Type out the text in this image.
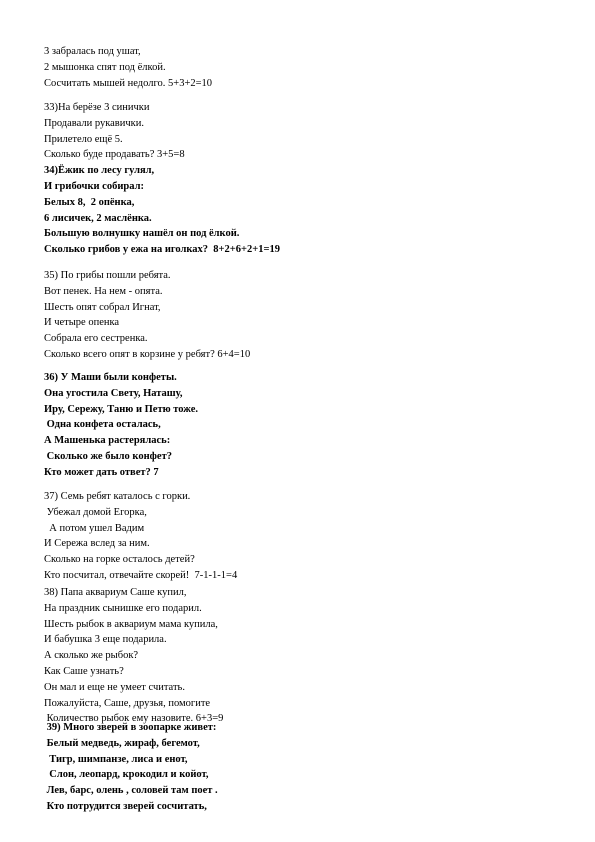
3 забралась под ушат,
2 мышонка спят под ёлкой.
Сосчитать мышей недолго. 5+3+2=10
33)На берёзе 3 синички
Продавали рукавички.
Прилетело ещё 5.
Сколько буде продавать? 3+5=8
34)Ёжик по лесу гулял,
И грибочки собирал:
Белых 8,  2 опёнка,
6 лисичек, 2 маслёнка.
Большую волнушку нашёл он под ёлкой.
Сколько грибов у ежа на иголках?  8+2+6+2+1=19
35) По грибы пошли ребята.
Вот пенек. На нем - опята.
Шесть опят собрал Игнат,
И четыре опенка
Собрала его сестренка.
Сколько всего опят в корзине у ребят? 6+4=10
36) У Маши были конфеты.
Она угостила Свету, Наташу,
Иру, Сережу, Таню и Петю тоже.
Одна конфета осталась,
А Машенька растерялась:
Сколько же было конфет?
Кто может дать ответ? 7
37) Семь ребят каталось с горки.
Убежал домой Егорка,
А потом ушел Вадим
И Сережа вслед за ним.
Сколько на горке осталось детей?
Кто посчитал, отвечайте скорей!  7-1-1-1=4
38) Папа аквариум Саше купил,
На праздник сынишке его подарил.
Шесть рыбок в аквариум мама купила,
И бабушка 3 еще подарила.
А сколько же рыбок?
Как Саше узнать?
Он мал и еще не умеет считать.
Пожалуйста, Саше, друзья, помогите
Количество рыбок ему назовите. 6+3=9
39) Много зверей в зоопарке живет:
Белый медведь, жираф, бегемот,
Тигр, шимпанзе, лиса и енот,
Слон, леопард, крокодил и койот,
Лев, барс, олень , соловей там поет .
Кто потрудится зверей сосчитать,
